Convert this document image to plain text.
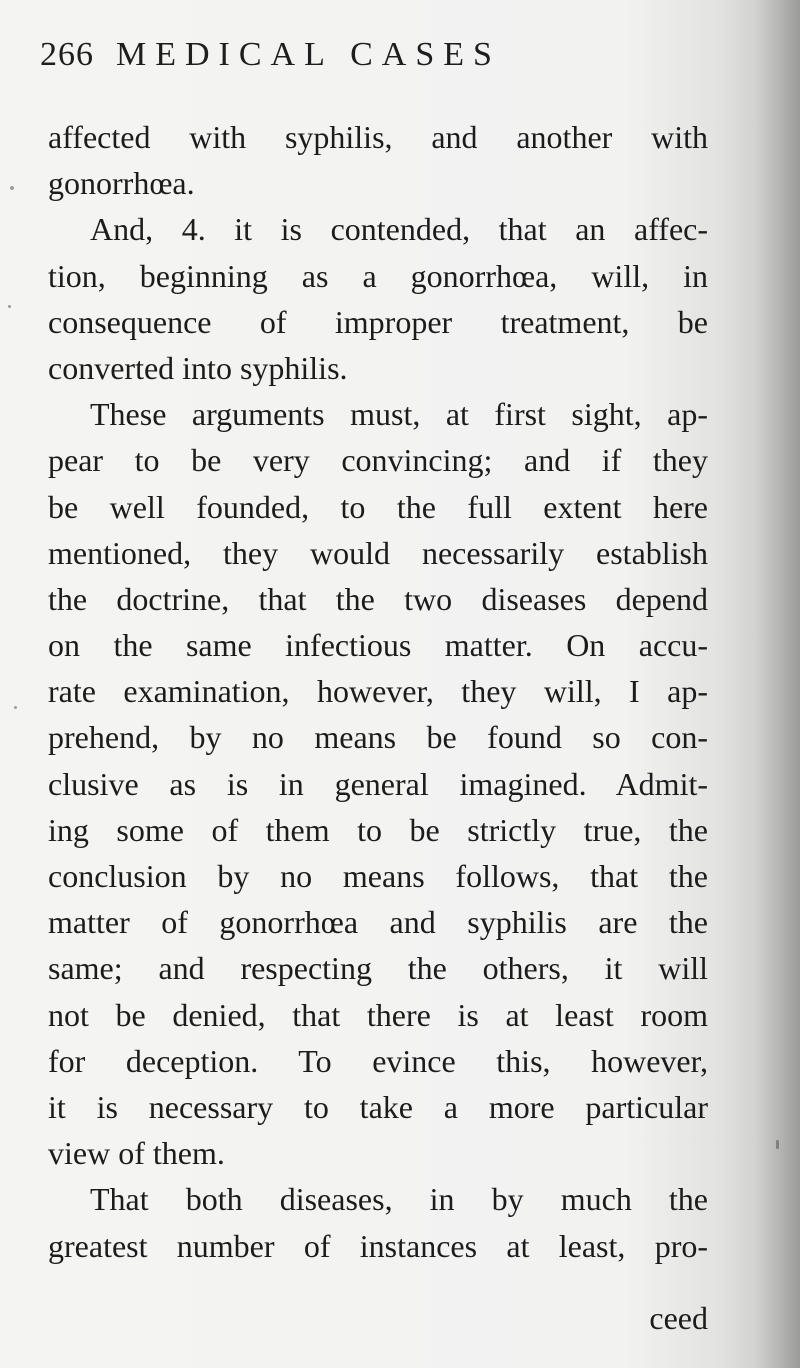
266 MEDICAL CASES
affected with syphilis, and another with
gonorrhœa.
And, 4. it is contended, that an affec-
tion, beginning as a gonorrhœa, will, in
consequence of improper treatment, be
converted into syphilis.
These arguments must, at first sight, ap-
pear to be very convincing; and if they
be well founded, to the full extent here
mentioned, they would necessarily establish
the doctrine, that the two diseases depend
on the same infectious matter. On accu-
rate examination, however, they will, I ap-
prehend, by no means be found so con-
clusive as is in general imagined. Admit-
ing some of them to be strictly true, the
conclusion by no means follows, that the
matter of gonorrhœa and syphilis are the
same; and respecting the others, it will
not be denied, that there is at least room
for deception. To evince this, however,
it is necessary to take a more particular
view of them.
That both diseases, in by much the
greatest number of instances at least, pro-
ceed
